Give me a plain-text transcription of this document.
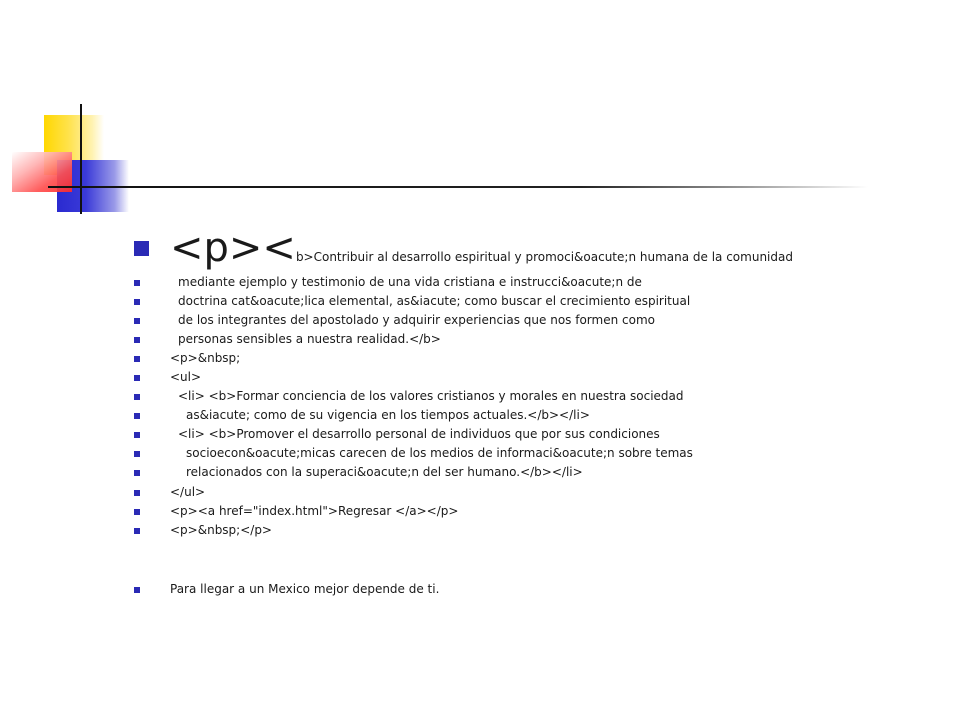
<p><b>Contribuir al desarrollo espiritual y promoci&oacute;n humana de la comunidad
mediante ejemplo y testimonio de una vida cristiana e instrucci&oacute;n de
doctrina cat&oacute;lica elemental, as&iacute; como buscar el crecimiento espiritual
de los integrantes del apostolado y adquirir experiencias que nos formen como
personas sensibles a nuestra realidad.</b>
<p>&nbsp;
<ul>
<li> <b>Formar conciencia de los valores cristianos y morales en nuestra sociedad
as&iacute; como de su vigencia en los tiempos actuales.</b></li>
<li> <b>Promover el desarrollo personal de individuos que por sus condiciones
socioecon&oacute;micas carecen de los medios de informaci&oacute;n sobre temas
relacionados con la superaci&oacute;n del ser humano.</b></li>
</ul>
<p><a href="index.html">Regresar </a></p>
<p>&nbsp;</p>
Para llegar a un Mexico mejor depende de ti.
